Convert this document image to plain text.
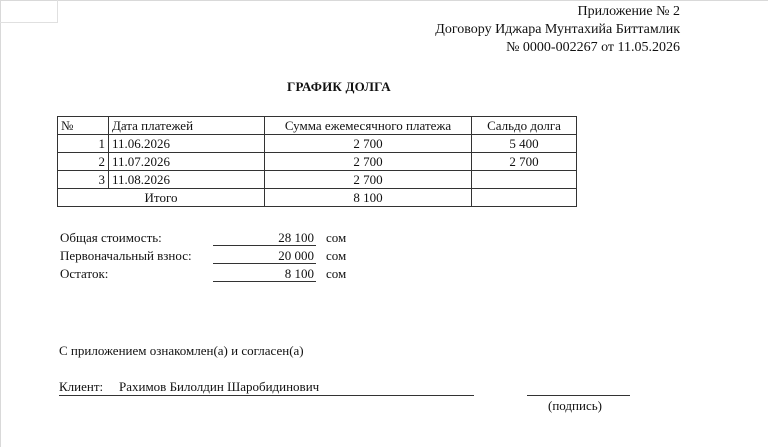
Приложение № 2
Договору Иджара Мунтахийа Биттамлик
№ 0000-002267 от 11.05.2026
ГРАФИК ДОЛГА
№	Дата платежей	Сумма ежемесячного платежа	Сальдо долга
1	11.06.2026	2 700	5 400
2	11.07.2026	2 700	2 700
3	11.08.2026	2 700	
Итого		8 100	
Общая стоимость:	28 100 сом
Первоначальный взнос:	20 000 сом
Остаток:	8 100 сом
С приложением ознакомлен(а) и согласен(а)
Клиент: Рахимов Билолдин Шаробидинович
(подпись)
